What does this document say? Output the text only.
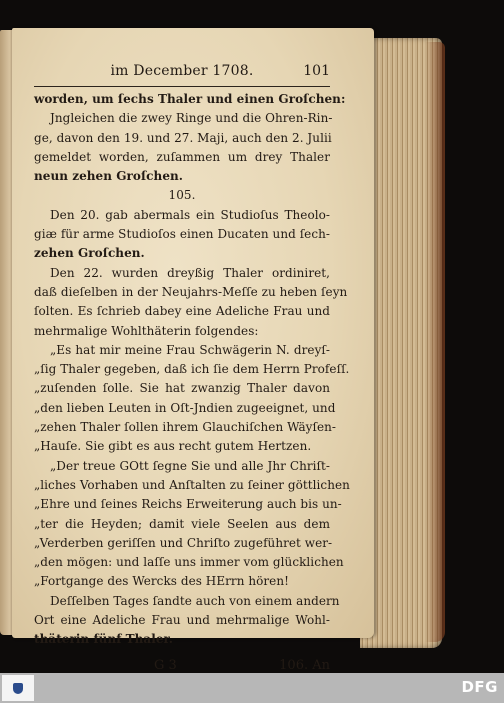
im December 1708.	101
worden, um ſechs Thaler und einen Groſchen:
Jngleichen die zwey Ringe und die Ohren-Rin-
ge, davon den 19. und 27. Maji, auch den 2. Julii
gemeldet worden, zuſammen um drey Thaler
neun zehen Groſchen.
105.
Den 20. gab abermals ein Studioſus Theolo-
giæ für arme Studioſos einen Ducaten und ſech-
zehen Groſchen.
Den 22. wurden dreyßig Thaler ordiniret,
daß dieſelben in der Neujahrs-Meſſe zu heben ſeyn
ſolten. Es ſchrieb dabey eine Adeliche Frau und
mehrmalige Wohlthäterin folgendes:
„Es hat mir meine Frau Schwägerin N. dreyſ-
„ſig Thaler gegeben, daß ich ſie dem Herrn Profeſſ.
„zuſenden ſolle. Sie hat zwanzig Thaler davon
„den lieben Leuten in Oſt-Jndien zugeeignet, und
„zehen Thaler ſollen ihrem Glauchiſchen Wäyſen-
„Hauſe. Sie gibt es aus recht gutem Hertzen.
„Der treue GOtt ſegne Sie und alle Jhr Chriſt-
„liches Vorhaben und Anſtalten zu ſeiner göttlichen
„Ehre und ſeines Reichs Erweiterung auch bis un-
„ter die Heyden; damit viele Seelen aus dem
„Verderben geriſſen und Chriſto zugeführet wer-
„den mögen: und laſſe uns immer vom glücklichen
„Fortgange des Wercks des HErrn hören!
Deſſelben Tages ſandte auch von einem andern
Ort eine Adeliche Frau und mehrmalige Wohl-
thäterin fünf Thaler.
G 3	106. An
DFG
